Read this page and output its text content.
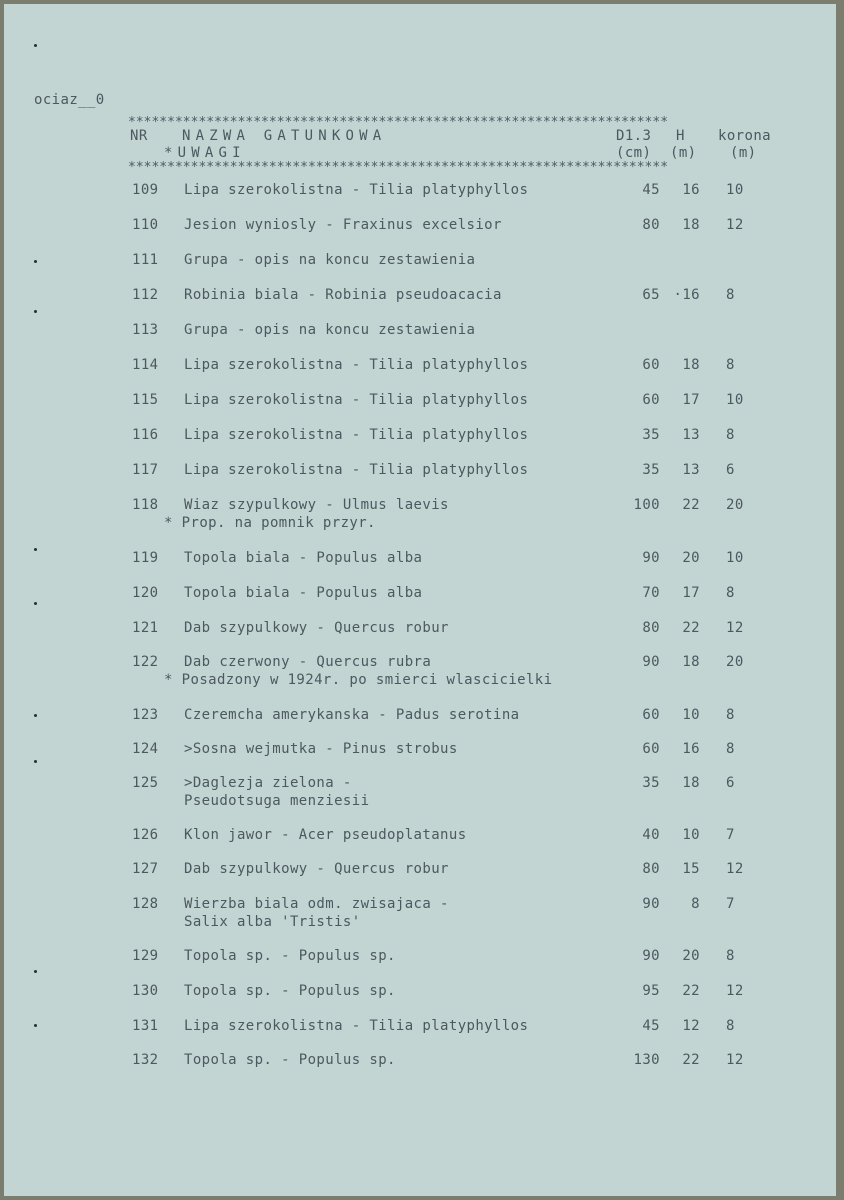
ociaz__0
*********************************************************************
NR NAZWA GATUNKOWA
*UWAGI
D1.3 H korona
(cm) (m) (m)
*********************************************************************
109 Lipa szerokolistna - Tilia platyphyllos	45	16 10
110 Jesion wyniosly - Fraxinus excelsior	80	18 12
111 Grupa - opis na koncu zestawienia
112 Robinia biala - Robinia pseudoacacia	65 ·16 8
113 Grupa - opis na koncu zestawienia
114 Lipa szerokolistna - Tilia platyphyllos	60	18 8
115 Lipa szerokolistna - Tilia platyphyllos	60	17 10
116 Lipa szerokolistna - Tilia platyphyllos	35	13 8
117 Lipa szerokolistna - Tilia platyphyllos	35	13 6
118 Wiaz szypulkowy - Ulmus laevis	100	22 20
* Prop. na pomnik przyr.
119 Topola biala - Populus alba	90	20 10
120 Topola biala - Populus alba	70	17 8
121 Dab szypulkowy - Quercus robur	80	22 12
122 Dab czerwony - Quercus rubra	90	18 20
* Posadzony w 1924r. po smierci wlascicielki
123 Czeremcha amerykanska - Padus serotina	60	10 8
124 >Sosna wejmutka - Pinus strobus	60	16 8
125 >Daglezja zielona -	35	18 6
Pseudotsuga menziesii
126 Klon jawor - Acer pseudoplatanus	40	10 7
127 Dab szypulkowy - Quercus robur	80	15 12
128 Wierzba biala odm. zwisajaca -	90	8 7
Salix alba 'Tristis'
129 Topola sp. - Populus sp.	90	20 8
130 Topola sp. - Populus sp.	95	22 12
131 Lipa szerokolistna - Tilia platyphyllos	45	12 8
132 Topola sp. - Populus sp.	130	22 12
